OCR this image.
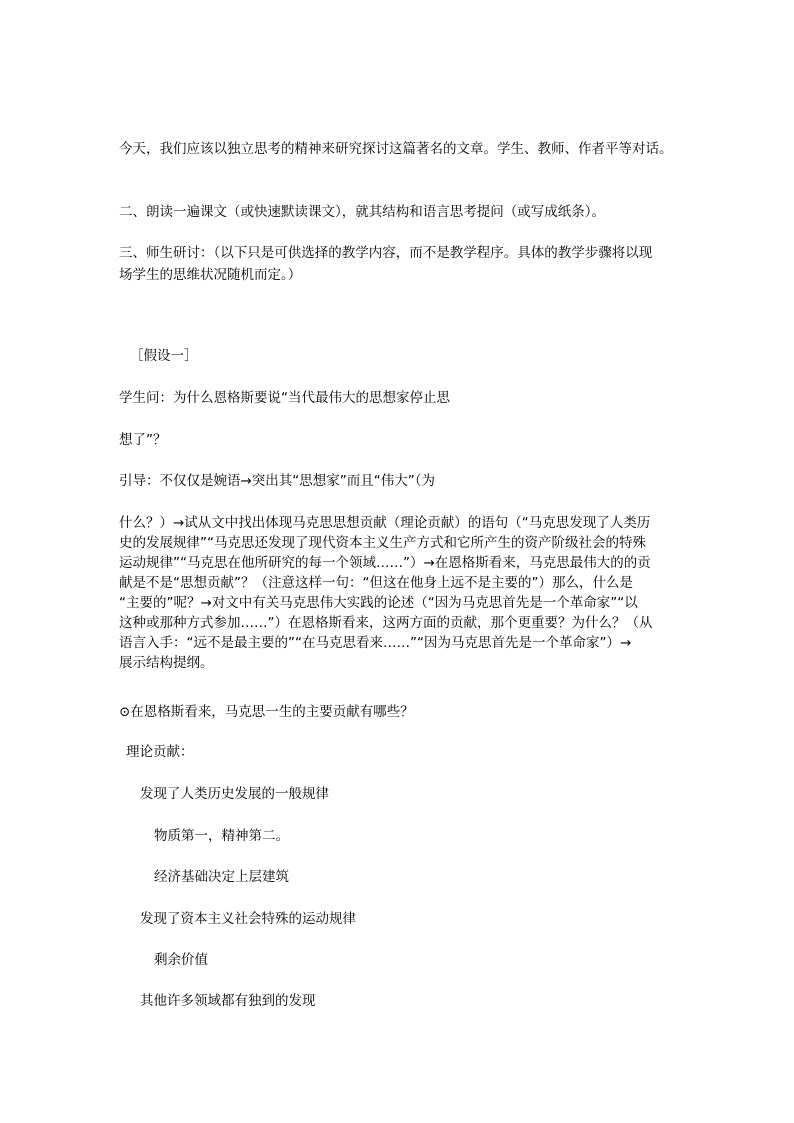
今天，我们应该以独立思考的精神来研究探讨这篇著名的文章。学生、教师、作者平等对话。
二、朗读一遍课文（或快速默读课文），就其结构和语言思考提问（或写成纸条）。
三、师生研讨：（以下只是可供选择的教学内容，而不是教学程序。具体的教学步骤将以现
场学生的思维状况随机而定。）
［假设一］
学生问：为什么恩格斯要说“当代最伟大的思想家停止思
想了”？
引导：不仅仅是婉语→突出其“思想家”而且“伟大”（为

什么？）→试从文中找出体现马克思思想贡献（理论贡献）的语句（“马克思发现了人类历

史的发展规律”“马克思还发现了现代资本主义生产方式和它所产生的资产阶级社会的特殊

运动规律”“马克思在他所研究的每一个领域……”）→在恩格斯看来，马克思最伟大的的贡

献是不是“思想贡献”？（注意这样一句：“但这在他身上远不是主要的”）那么，什么是

“主要的”呢？→对文中有关马克思伟大实践的论述（“因为马克思首先是一个革命家”“以

这种或那种方式参加……”）在恩格斯看来，这两方面的贡献，那个更重要？为什么？（从

语言入手：“远不是最主要的”“在马克思看来……”“因为马克思首先是一个革命家”）→

展示结构提纲。

⊙在恩格斯看来，马克思一生的主要贡献有哪些？
理论贡献：
发现了人类历史发展的一般规律
物质第一，精神第二。
经济基础决定上层建筑
发现了资本主义社会特殊的运动规律
剩余价值
其他许多领域都有独到的发现
